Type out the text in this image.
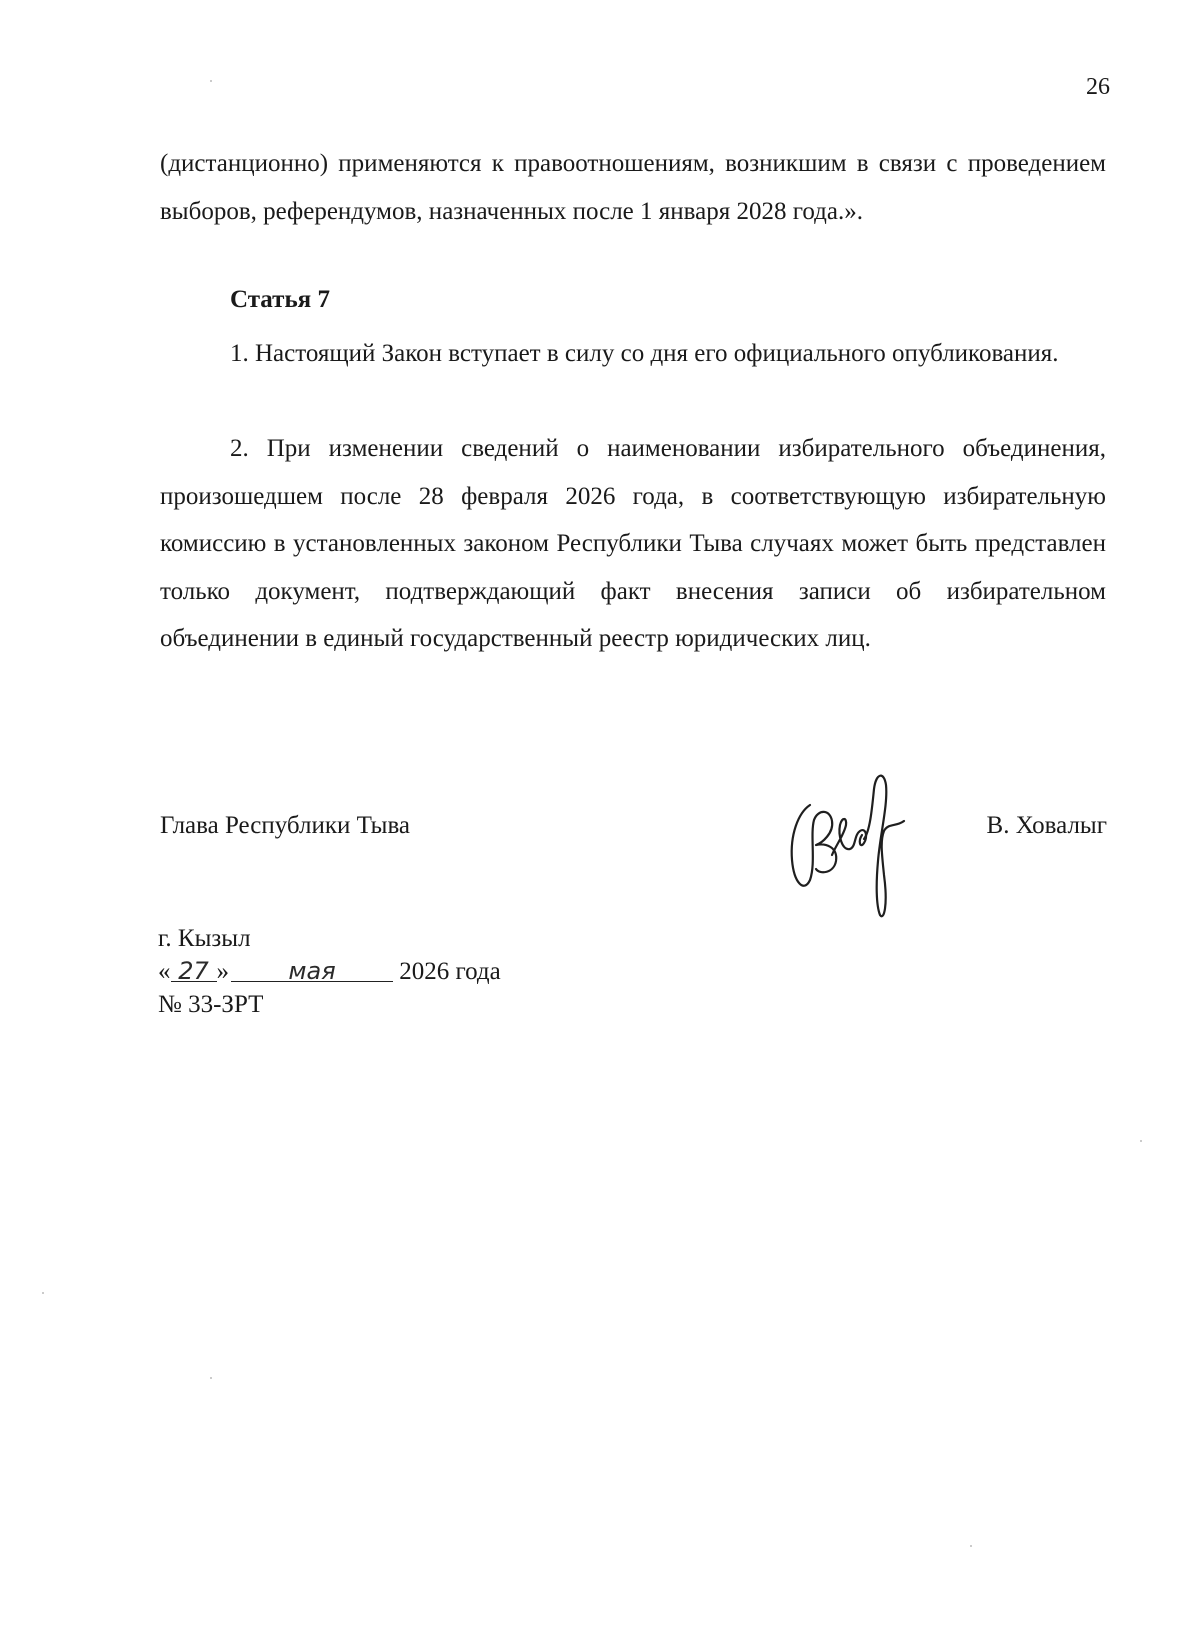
26

(дистанционно) применяются к правоотношениям, возникшим в связи с проведением выборов, референдумов, назначенных после 1 января 2028 года.».

Статья 7

1. Настоящий Закон вступает в силу со дня его официального опубликования.

2. При изменении сведений о наименовании избирательного объединения, произошедшем после 28 февраля 2026 года, в соответствующую избирательную комиссию в установленных законом Республики Тыва случаях может быть представлен только документ, подтверждающий факт внесения записи об избирательном объединении в единый государственный реестр юридических лиц.

Глава Республики Тыва	В. Ховалыг
г. Кызыл
« 27 » мая	2026 года
№ 33-ЗРТ
